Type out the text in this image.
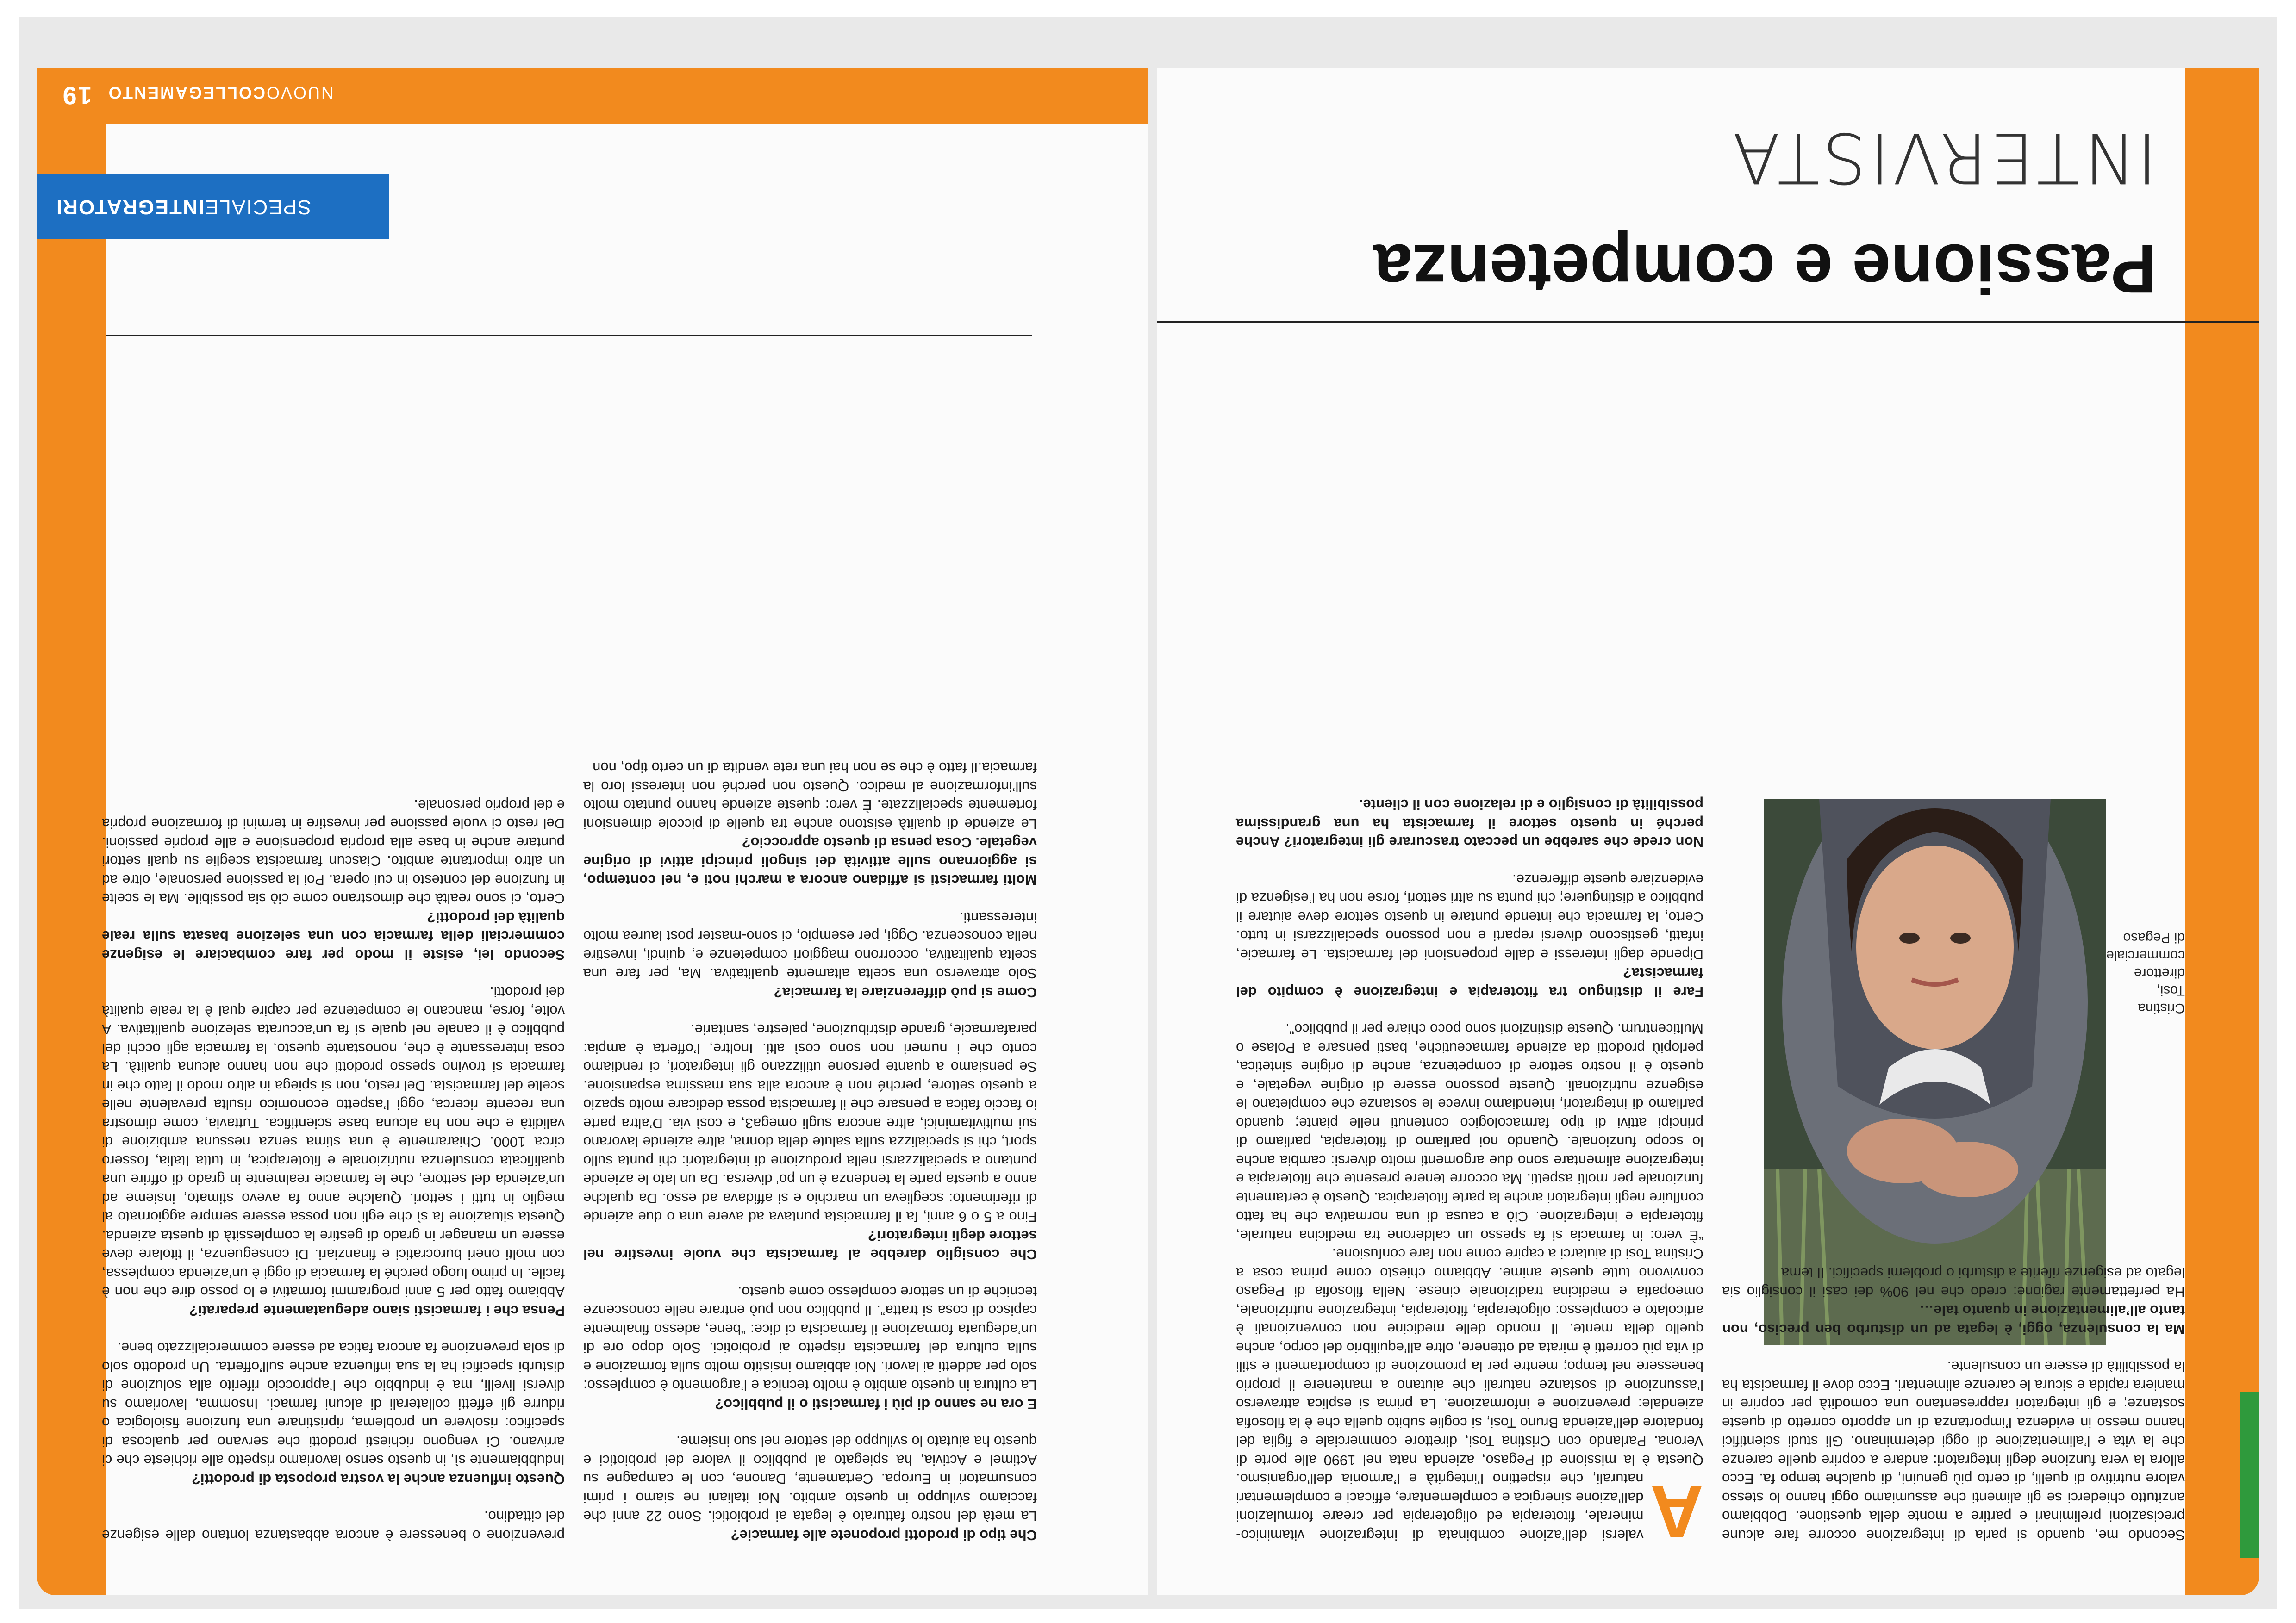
INTERVISTA
Passione e competenza
A

valersi dell’azione combinata di integrazione vitaminico-minerale, fitoterapia ed oligoterapia per creare formulazioni dall’azione sinergica e complementare, efficaci e complementari naturali, che rispettino l’integrità e l’armonia dell’organismo. Questa è la missione di Pegaso, azienda nata nel 1990 alle porte di Verona. Parlando con Cristina Tosi, direttore commerciale e figlia del fondatore dell’azienda Bruno Tosi, si coglie subito quella che è la filosofia aziendale: prevenzione e informazione. La prima si esplica attraverso l’assunzione di sostanze naturali che aiutano a mantenere il proprio benessere nel tempo; mentre per la promozione di comportamenti e stili di vita più corretti è mirata ad ottenere, oltre all’equilibrio del corpo, anche quello della mente. Il mondo delle medicine non convenzionali è articolato e complesso: oligoterapia, fitoterapia, integrazione nutrizionale, omeopatia e medicina tradizionale cinese. Nella filosofia di Pegaso convivono tutte queste anime. Abbiamo chiesto come prima cosa a Cristina Tosi di aiutarci a capire come non fare confusione.

“È vero: in farmacia si fa spesso un calderone tra medicina naturale, fitoterapia e integrazione. Ciò a causa di una normativa che ha fatto confluire negli integratori anche la parte fitoterapica. Questo è certamente funzionale per molti aspetti. Ma occorre tenere presente che fitoterapia e integrazione alimentare sono due argomenti molto diversi: cambia anche lo scopo funzionale. Quando noi parliamo di fitoterapia, parliamo di principi attivi di tipo farmacologico contenuti nelle piante; quando parliamo di integratori, intendiamo invece le sostanze che completano le esigenze nutrizionali. Queste possono essere di origine vegetale, e questo è il nostro settore di competenza, anche di origine sintetica, perlopiù prodotti da aziende farmaceutiche, basti pensare a Polase o Multicentrum. Queste distinzioni sono poco chiare per il pubblico”.

Fare il distinguo tra fitoterapia e integrazione è compito del farmacista?

Dipende dagli interessi e dalle propensioni del farmacista. Le farmacie, infatti, gestiscono diversi reparti e non possono specializzarsi in tutto. Certo, la farmacia che intende puntare in questo settore deve aiutare il pubblico a distinguere; chi punta su altri settori, forse non ha l’esigenza di evidenziare queste differenze.

Non crede che sarebbe un peccato trascurare gli integratori? Anche perché in questo settore il farmacista ha una grandissima possibilità di consiglio e di relazione con il cliente.

Cristina Tosi, direttore commerciale di Pegaso

Secondo me, quando si parla di integrazione occorre fare alcune precisazioni preliminari e partire a monte della questione. Dobbiamo anzitutto chiederci se gli alimenti che assumiamo oggi hanno lo stesso valore nutritivo di quelli, di certo più genuini, di qualche tempo fa. Ecco allora la vera funzione degli integratori: andare a coprire quelle carenze che la vita e l’alimentazione di oggi determinano. Gli studi scientifici hanno messo in evidenza l’importanza di un apporto corretto di queste sostanze; e gli integratori rappresentano una comodità per coprire in maniera rapida e sicura le carenze alimentari. Ecco dove il farmacista ha la possibilità di essere un consulente.

Ma la consulenza, oggi, è legata ad un disturbo ben preciso, non tanto all’alimentazione in quanto tale…

Ha perfettamente ragione: credo che nel 90% dei casi il consiglio sia legato ad esigenze riferite a disturbi o problemi specifici. Il tema

prevenzione o benessere è ancora abbastanza lontano dalle esigenze del cittadino.

Questo influenza anche la vostra proposta di prodotti?

Indubbiamente sì, in questo senso lavoriamo rispetto alle richieste che ci arrivano. Ci vengono richiesti prodotti che servano per qualcosa di specifico: risolvere un problema, ripristinare una funzione fisiologica o ridurre gli effetti collaterali di alcuni farmaci. Insomma, lavoriamo su diversi livelli, ma è indubbio che l’approccio riferito alla soluzione di disturbi specifici ha la sua influenza anche sull’offerta. Un prodotto solo di sola prevenzione fa ancora fatica ad essere commercializzato bene.

Pensa che i farmacisti siano adeguatamente preparati?

Abbiamo fatto per 5 anni programmi formativi e lo posso dire che non è facile. In primo luogo perché la farmacia di oggi è un’azienda complessa, con molti oneri burocratici e finanziari. Di conseguenza, il titolare deve essere un manager in grado di gestire la complessità di questa azienda. Questa situazione fa sì che egli non possa essere sempre aggiornato al meglio in tutti i settori. Qualche anno fa avevo stimato, insieme ad un’azienda del settore, che le farmacie realmente in grado di offrire una qualificata consulenza nutrizionale e fitoterapica, in tutta Italia, fossero circa 1000. Chiaramente è una stima senza nessuna ambizione di validità e che non ha alcuna base scientifica. Tuttavia, come dimostra una recente ricerca, oggi l’aspetto economico risulta prevalente nelle scelte del farmacista. Del resto, non si spiega in altro modo il fatto che in farmacia si trovino spesso prodotti che non hanno alcuna qualità. La cosa interessante è che, nonostante questo, la farmacia agli occhi del pubblico è il canale nel quale si fa un’accurata selezione qualitativa. A volte, forse, mancano le competenze per capire qual è la reale qualità dei prodotti.

Secondo lei, esiste il modo per fare combaciare le esigenze commerciali della farmacia con una selezione basata sulla reale qualità dei prodotti?

Certo, ci sono realtà che dimostrano come ciò sia possibile. Ma le scelte in funzione del contesto in cui opera. Poi la passione personale, oltre ad un altro importante ambito. Ciascun farmacista sceglie su quali settori puntare anche in base alla propria propensione e alle proprie passioni. Del resto ci vuole passione per investire in termini di formazione propria e del proprio personale.

Che tipo di prodotti proponete alle farmacie?

La metà del nostro fatturato è legata ai probiotici. Sono 22 anni che facciamo sviluppo in questo ambito. Noi italiani ne siamo i primi consumatori in Europa. Certamente, Danone, con le campagne su Actimel e Activia, ha spiegato al pubblico il valore dei probiotici e questo ha aiutato lo sviluppo del settore nel suo insieme.

E ora ne sanno di più i farmacisti o il pubblico?

La cultura in questo ambito è molto tecnica e l’argomento è complesso: solo per addetti ai lavori. Noi abbiamo insistito molto sulla formazione e sulla cultura del farmacista rispetto ai probiotici. Solo dopo ore di un’adeguata formazione il farmacista ci dice: “bene, adesso finalmente capisco di cosa si tratta”. Il pubblico non può entrare nelle conoscenze tecniche di un settore complesso come questo.

Che consiglio darebbe al farmacista che vuole investire nel settore degli integratori?

Fino a 5 o 6 anni, fa il farmacista puntava ad avere una o due aziende di riferimento: sceglieva un marchio e si affidava ad esso. Da qualche anno a questa parte la tendenza è un po’ diversa. Da un lato le aziende puntano a specializzarsi nella produzione di integratori: chi punta sullo sport, chi si specializza sulla salute della donna, altre aziende lavorano sui multivitaminici, altre ancora sugli omega3, e così via. D’altra parte io faccio fatica a pensare che il farmacista possa dedicare molto spazio a questo settore, perché non è ancora alla sua massima espansione. Se pensiamo a quante persone utilizzano gli integratori, ci rendiamo conto che i numeri non sono così alti. Inoltre, l’offerta è ampia: parafarmacie, grande distribuzione, palestre, sanitarie.

Come si può differenziare la farmacia?

Solo attraverso una scelta altamente qualitativa. Ma, per fare una scelta qualitativa, occorrono maggiori competenze e, quindi, investire nella conoscenza. Oggi, per esempio, ci sono-master post laurea molto interessanti.

Molti farmacisti si affidano ancora a marchi noti e, nel contempo, si aggiornano sulle attività dei singoli principi attivi di origine vegetale. Cosa pensa di questo approccio?

Le aziende di qualità esistono anche tra quelle di piccole dimensioni fortemente specializzate. È vero: queste aziende hanno puntato molto sull’informazione al medico. Questo non perché non interessi loro la farmacia.Il fatto è che se non hai una rete vendita di un certo tipo, non

SPECIALE
INTEGRATORI
NUOVOCOLLEGAMENTO 19
